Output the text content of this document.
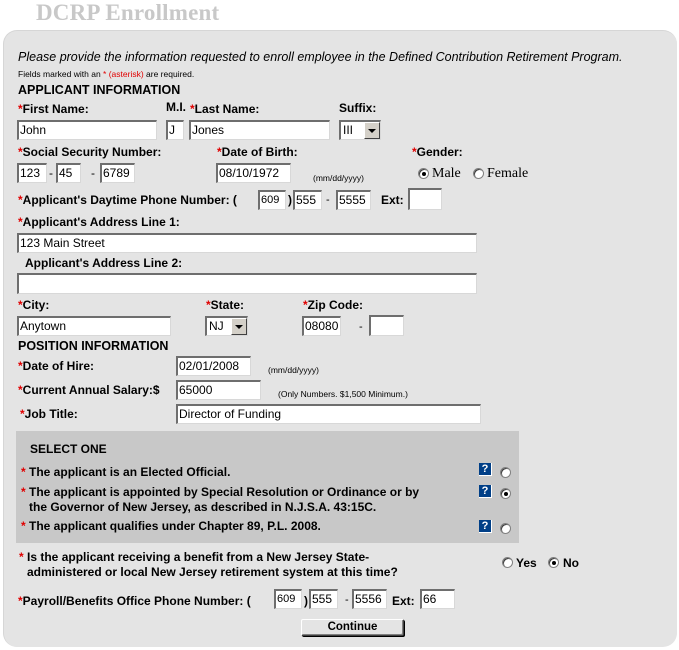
DCRP Enrollment
Please provide the information requested to enroll employee in the Defined Contribution Retirement Program.
Fields marked with an * (asterisk) are required.
APPLICANT INFORMATION
*First Name:
John
M.I.
J
*Last Name:
Jones
Suffix:
III
*Social Security Number:
123 - 45	- 6789
*Date of Birth:
08/10/1972	(mm/dd/yyyy)
*Gender:
Male Female
*Applicant's Daytime Phone Number: ( 609 ) 555 - 5555	Ext:
*Applicant's Address Line 1:
123 Main Street
Applicant's Address Line 2:
*City:
Anytown
*State:
NJ
*Zip Code:
08080 -
POSITION INFORMATION
*Date of Hire:	02/01/2008	(mm/dd/yyyy)
*Current Annual Salary:$ 65000	(Only Numbers. $1,500 Minimum.)
*Job Title:	Director of Funding
SELECT ONE
* The applicant is an Elected Official.	?
* The applicant is appointed by Special Resolution or Ordinance or by
the Governor of New Jersey, as described in N.J.S.A. 43:15C.
?
* The applicant qualifies under Chapter 89, P.L. 2008.	?
* Is the applicant receiving a benefit from a New Jersey State-
administered or local New Jersey retirement system at this time?
Yes No
*Payroll/Benefits Office Phone Number: ( 609 ) 555	- 5556 Ext: 66
Continue
